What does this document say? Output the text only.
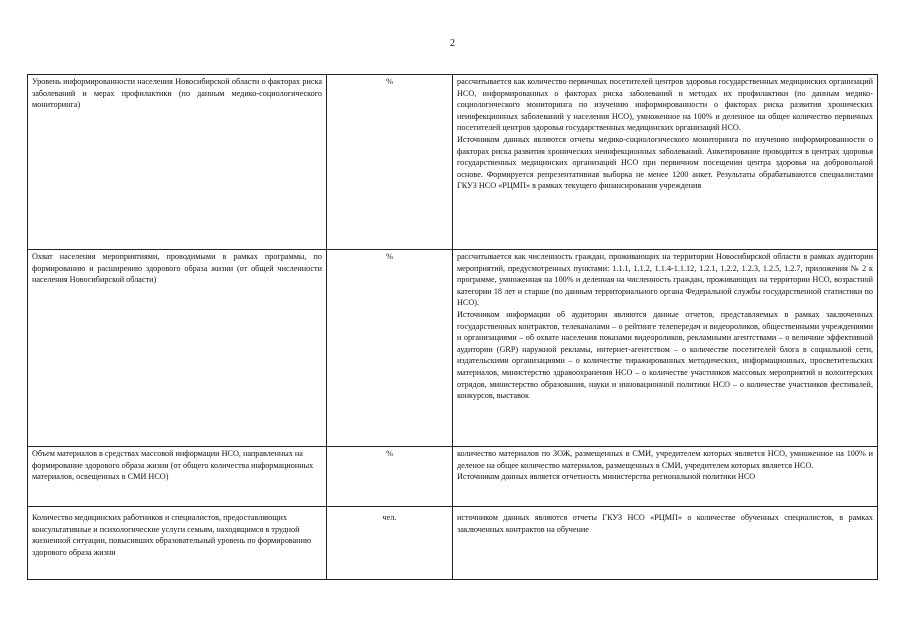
2
Уровень информированности населения Новосибирской области о факторах риска заболеваний и мерах профилактики (по данным медико-социологического мониторинга)	%	рассчитывается как количество первичных посетителей центров здоровья государственных медицинских организаций НСО, информированных о факторах риска заболеваний и методах их профилактики (по данным медико-социологического мониторинга по изучению информированности о факторах риска развития хронических неинфекционных заболеваний у населения НСО), умноженное на 100% и деленное на общее количество первичных посетителей центров здоровья государственных медицинских организаций НСО.

Источником данных являются отчеты медико-социологического мониторинга по изучению информированности о факторах риска развития хронических неинфекционных заболеваний. Анкетирование проводится в центрах здоровья государственных медицинских организаций НСО при первичном посещении центра здоровья на добровольной основе. Формируется репрезентативная выборка не менее 1200 анкет. Результаты обрабатываются специалистами ГКУЗ НСО «РЦМП» в рамках текущего финансирования учреждения

Охват населения мероприятиями, проводимыми в рамках программы, по формированию и расширению здорового образа жизни (от общей численности населения Новосибирской области)	%	рассчитывается как численность граждан, проживающих на территории Новосибирской области в рамках аудитории мероприятий, предусмотренных пунктами: 1.1.1, 1.1.2, 1.1.4-1.1.12, 1.2.1, 1.2.2, 1.2.3, 1.2.5, 1.2.7, приложения № 2 к программе, умноженная на 100% и деленная на численность граждан, проживающих на территории НСО, возрастной категории 18 лет и старше (по данным территориального органа Федеральной службы государственной статистики по НСО).

Источником информации об аудитории являются данные отчетов, представляемых в рамках заключенных государственных контрактов, телеканалами – о рейтинге телепередач и видеороликов, общественными учреждениями и организациями – об охвате населения показами видеороликов, рекламными агентствами – о величине эффективной аудитории (GRP) наружной рекламы, интернет-агентством – о количестве посетителей блога в социальной сети, издательскими организациями – о количестве тиражированных методических, информационных, просветительских материалов, министерство здравоохранения НСО – о количестве участников массовых мероприятий и волонтерских отрядов, министерство образования, науки и инновационной политики НСО – о количестве участников фестивалей, конкурсов, выставок

Объем материалов в средствах массовой информации НСО, направленных на формирование здорового образа жизни (от общего количества информационных материалов, освещенных в СМИ НСО)	%	количество материалов по ЗОЖ, размещенных в СМИ, учредителем которых является НСО, умноженное на 100% и деленое на общее количество материалов, размещенных в СМИ, учредителем которых является НСО.

Источником данных является отчетность министерства региональной политики НСО

Количество медицинских работников и специалистов, предоставляющих консультативные и психологические услуги семьям, находящимся в трудной жизненной ситуации, повысивших образовательный уровень по формированию здорового образа жизни	чел.	источником данных являются отчеты ГКУЗ НСО «РЦМП» о количестве обученных специалистов, в рамках заключенных контрактов на обучение
